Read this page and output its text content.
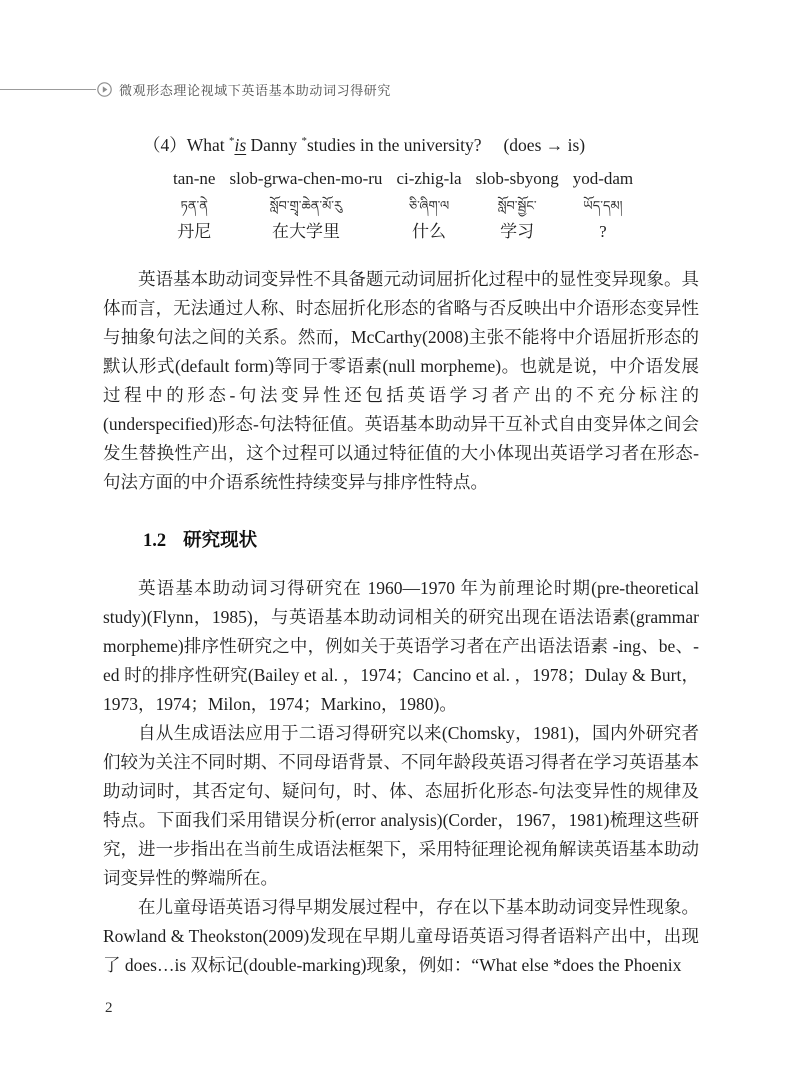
微观形态理论视域下英语基本助动词习得研究
（4）What *is Danny *studies in the university? (does → is)
tan-ne
ཏན་ནེ
丹尼
slob-grwa-chen-mo-ru
སློབ་གྲྭ་ཆེན་མོ་རུ
在大学里
ci-zhig-la
ཅི་ཞིག་ལ
什么
slob-sbyong
སློབ་སྦྱོང་
学习
yod-dam
ཡོད་དམ།
?

英语基本助动词变异性不具备题元动词屈折化过程中的显性变异现象。具体而言，无法通过人称、时态屈折化形态的省略与否反映出中介语形态变异性与抽象句法之间的关系。然而，McCarthy(2008)主张不能将中介语屈折形态的默认形式(default form)等同于零语素(null morpheme)。也就是说，中介语发展过程中的形态-句法变异性还包括英语学习者产出的不充分标注的(underspecified)形态-句法特征值。英语基本助动异干互补式自由变异体之间会发生替换性产出，这个过程可以通过特征值的大小体现出英语学习者在形态-句法方面的中介语系统性持续变异与排序性特点。

1.2 研究现状

英语基本助动词习得研究在 1960—1970 年为前理论时期(pre-theoretical study)(Flynn，1985)，与英语基本助动词相关的研究出现在语法语素(grammar morpheme)排序性研究之中，例如关于英语学习者在产出语法语素 -ing、be、-ed 时的排序性研究(Bailey et al. ，1974；Cancino et al. ，1978；Dulay & Burt，1973，1974；Milon，1974；Markino，1980)。

自从生成语法应用于二语习得研究以来(Chomsky，1981)，国内外研究者们较为关注不同时期、不同母语背景、不同年龄段英语习得者在学习英语基本助动词时，其否定句、疑问句，时、体、态屈折化形态-句法变异性的规律及特点。下面我们采用错误分析(error analysis)(Corder，1967，1981)梳理这些研究，进一步指出在当前生成语法框架下，采用特征理论视角解读英语基本助动词变异性的弊端所在。

在儿童母语英语习得早期发展过程中，存在以下基本助动词变异性现象。Rowland & Theokston(2009)发现在早期儿童母语英语习得者语料产出中，出现了 does…is 双标记(double-marking)现象，例如：“What else *does the Phoenix

2
